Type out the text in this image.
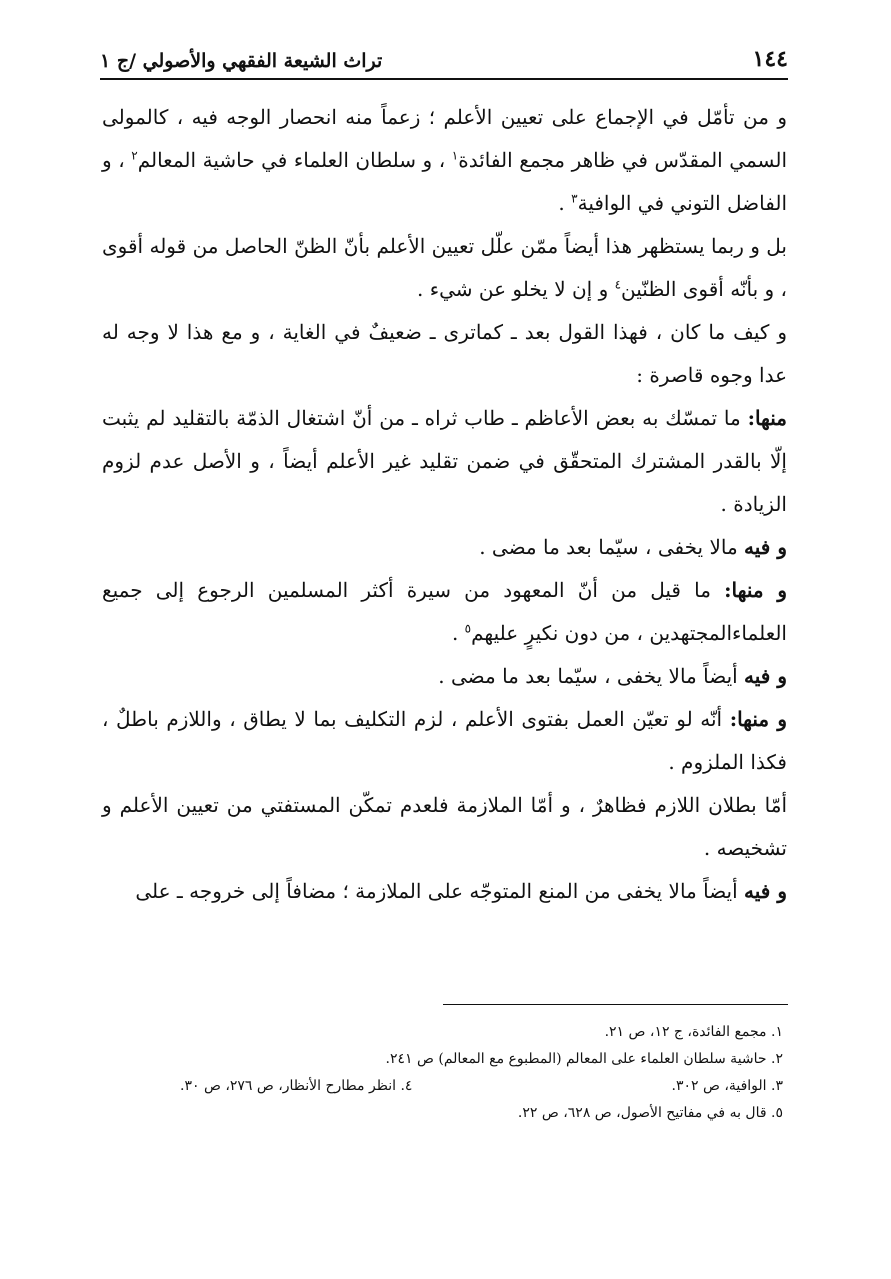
١٤٤
تراث الشيعة الفقهي والأصولي /ج ١

و من تأمّل في الإجماع على تعيين الأعلم ؛ زعماً منه انحصار الوجه فيه ، كالمولى السمي المقدّس في ظاهر مجمع الفائدة$^١$ ، و سلطان العلماء في حاشية المعالم$^٢$ ، و الفاضل التوني في الوافية$^٣$ .

بل و ربما يستظهر هذا أيضاً ممّن علّل تعيين الأعلم بأنّ الظنّ الحاصل من قوله أقوى ، و بأنّه أقوى الظنّين$^٤$ و إن لا يخلو عن شيء .

و كيف ما كان ، فهذا القول بعد ـ كماترى ـ ضعيفٌ في الغاية ، و مع هذا لا وجه له عدا وجوه قاصرة :

منها: ما تمسّك به بعض الأعاظم ـ طاب ثراه ـ من أنّ اشتغال الذمّة بالتقليد لم يثبت إلّا بالقدر المشترك المتحقّق في ضمن تقليد غير الأعلم أيضاً ، و الأصل عدم لزوم الزيادة .

و فيه مالا يخفى ، سيّما بعد ما مضى .

و منها: ما قيل من أنّ المعهود من سيرة أكثر المسلمين الرجوع إلى جميع العلماءالمجتهدين ، من دون نكيرٍ عليهم$^٥$ .

و فيه أيضاً مالا يخفى ، سيّما بعد ما مضى .

و منها: أنّه لو تعيّن العمل بفتوى الأعلم ، لزم التكليف بما لا يطاق ، واللازم باطلٌ ، فكذا الملزوم .

أمّا بطلان اللازم فظاهرٌ ، و أمّا الملازمة فلعدم تمكّن المستفتي من تعيين الأعلم و تشخيصه .

و فيه أيضاً مالا يخفى من المنع المتوجّه على الملازمة ؛ مضافاً إلى خروجه ـ على

١. مجمع الفائدة، ج ١٢، ص ٢١.
٢. حاشية سلطان العلماء على المعالم (المطبوع مع المعالم) ص ٢٤١.
٣. الوافية، ص ٣٠٢.
٤. انظر مطارح الأنظار، ص ٢٧٦، ص ٣٠.
٥. قال به في مفاتيح الأصول، ص ٦٢٨، ص ٢٢.
